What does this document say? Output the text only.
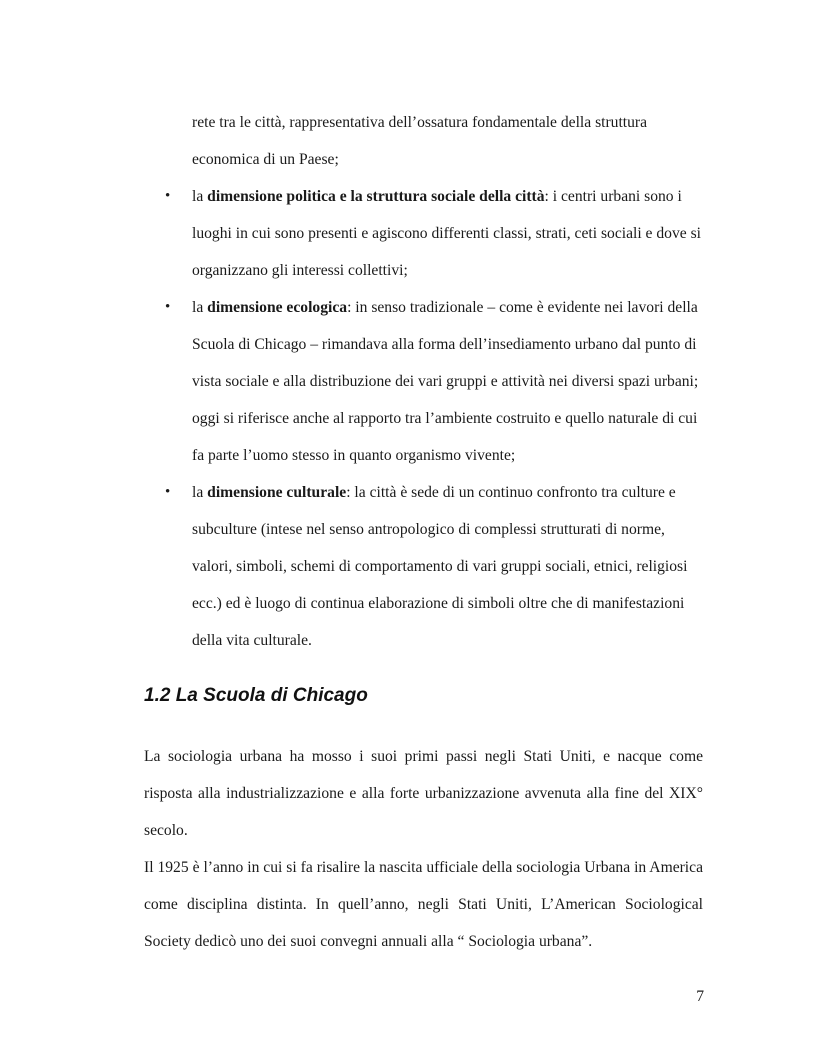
rete tra le città, rappresentativa dell’ossatura fondamentale della struttura economica di un Paese;

• la dimensione politica e la struttura sociale della città: i centri urbani sono i luoghi in cui sono presenti e agiscono differenti classi, strati, ceti sociali e dove si organizzano gli interessi collettivi;
• la dimensione ecologica: in senso tradizionale – come è evidente nei lavori della Scuola di Chicago – rimandava alla forma dell’insediamento urbano dal punto di vista sociale e alla distribuzione dei vari gruppi e attività nei diversi spazi urbani; oggi si riferisce anche al rapporto tra l’ambiente costruito e quello naturale di cui fa parte l’uomo stesso in quanto organismo vivente;
• la dimensione culturale: la città è sede di un continuo confronto tra culture e subculture (intese nel senso antropologico di complessi strutturati di norme, valori, simboli, schemi di comportamento di vari gruppi sociali, etnici, religiosi ecc.) ed è luogo di continua elaborazione di simboli oltre che di manifestazioni della vita culturale.
1.2 La Scuola di Chicago

La sociologia urbana ha mosso i suoi primi passi negli Stati Uniti, e nacque come risposta alla industrializzazione e alla forte urbanizzazione avvenuta alla fine del XIX° secolo.

Il 1925 è l’anno in cui si fa risalire la nascita ufficiale della sociologia Urbana in America come disciplina distinta. In quell’anno, negli Stati Uniti, L’American Sociological Society dedicò uno dei suoi convegni annuali alla “ Sociologia urbana”.

7
